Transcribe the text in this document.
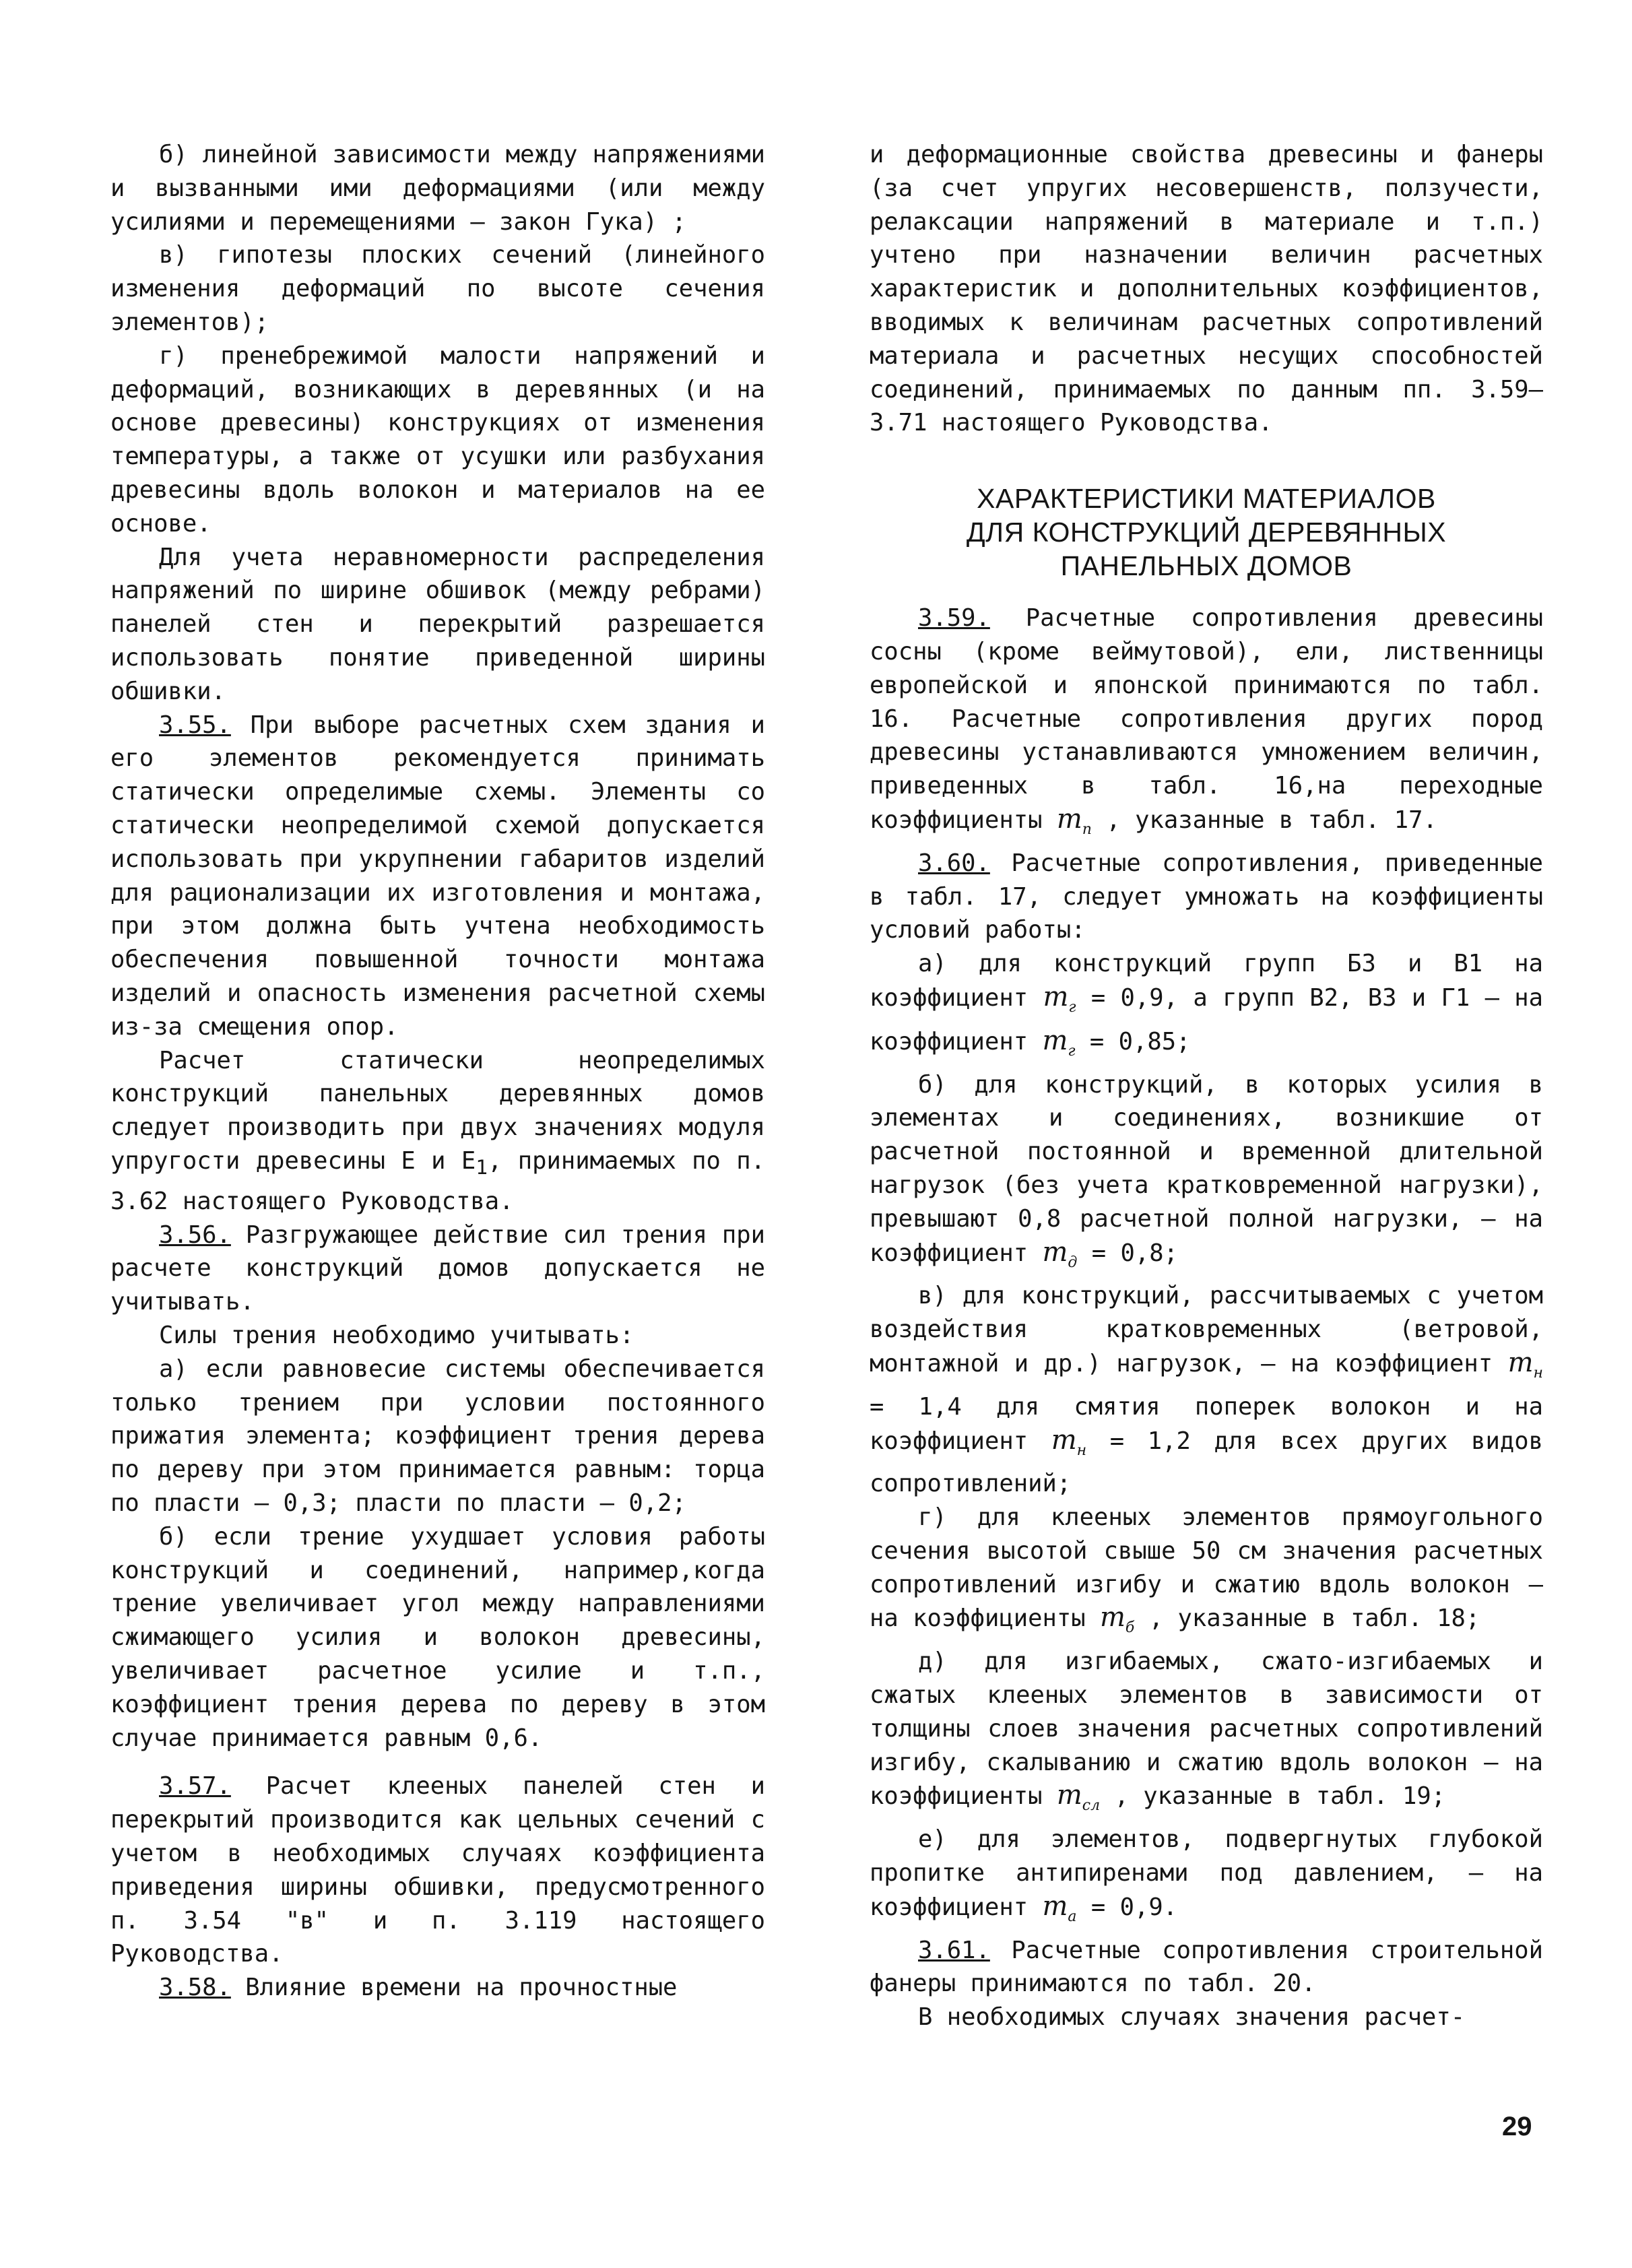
б) линейной зависимости между напряжениями и вызванными ими деформациями (или между усилиями и перемещениями – закон Гука) ;

в) гипотезы плоских сечений (линейного изменения деформаций по высоте сечения элементов);

г) пренебрежимой малости напряжений и деформаций, возникающих в деревянных (и на основе древесины) конструкциях от изменения температуры, а также от усушки или разбухания древесины вдоль волокон и материалов на ее основе.

Для учета неравномерности распределения напряжений по ширине обшивок (между ребрами) панелей стен и перекрытий разрешается использовать понятие приведенной ширины обшивки.

3.55. При выборе расчетных схем здания и его элементов рекомендуется принимать статически определимые схемы. Элементы со статически неопределимой схемой допускается использовать при укрупнении габаритов изделий для рационализации их изготовления и монтажа, при этом должна быть учтена необходимость обеспечения повышенной точности монтажа изделий и опасность изменения расчетной схемы из-за смещения опор.

Расчет статически неопределимых конструкций панельных деревянных домов следует производить при двух значениях модуля упругости древесины E и $E_1$, принимаемых по п. 3.62 настоящего Руководства.

3.56. Разгружающее действие сил трения при расчете конструкций домов допускается не учитывать.

Силы трения необходимо учитывать:

а) если равновесие системы обеспечивается только трением при условии постоянного прижатия элемента; коэффициент трения дерева по дереву при этом принимается равным: торца по пласти – 0,3; пласти по пласти – 0,2;

б) если трение ухудшает условия работы конструкций и соединений, например,когда трение увеличивает угол между направлениями сжимающего усилия и волокон древесины, увеличивает расчетное усилие и т.п., коэффициент трения дерева по дереву в этом случае принимается равным 0,6.

3.57. Расчет клееных панелей стен и перекрытий производится как цельных сечений с учетом в необходимых случаях коэффициента приведения ширины обшивки, предусмотренного п. 3.54 "в" и п. 3.119 настоящего Руководства.

3.58. Влияние времени на прочностные

и деформационные свойства древесины и фанеры (за счет упругих несовершенств, ползучести, релаксации напряжений в материале и т.п.) учтено при назначении величин расчетных характеристик и дополнительных коэффициентов, вводимых к величинам расчетных сопротивлений материала и расчетных несущих способностей соединений, принимаемых по данным пп. 3.59–3.71 настоящего Руководства.

ХАРАКТЕРИСТИКИ МАТЕРИАЛОВ
ДЛЯ КОНСТРУКЦИЙ ДЕРЕВЯННЫХ
ПАНЕЛЬНЫХ ДОМОВ

3.59. Расчетные сопротивления древесины сосны (кроме веймутовой), ели, лиственницы европейской и японской принимаются по табл. 16. Расчетные сопротивления других пород древесины устанавливаются умножением величин, приведенных в табл. 16,на переходные коэффициенты $m_п$ , указанные в табл. 17.

3.60. Расчетные сопротивления, приведенные в табл. 17, следует умножать на коэффициенты условий работы:

а) для конструкций групп Б3 и В1 на коэффициент $m_г = 0,9$, а групп В2, В3 и Г1 – на коэффициент $m_г = 0,85$;

б) для конструкций, в которых усилия в элементах и соединениях, возникшие от расчетной постоянной и временной длительной нагрузок (без учета кратковременной нагрузки), превышают 0,8 расчетной полной нагрузки, – на коэффициент $m_д = 0,8$;

в) для конструкций, рассчитываемых с учетом воздействия кратковременных (ветровой, монтажной и др.) нагрузок, – на коэффициент $m_н = 1,4$ для смятия поперек волокон и на коэффициент $m_н = 1,2$ для всех других видов сопротивлений;

г) для клееных элементов прямоугольного сечения высотой свыше 50 см значения расчетных сопротивлений изгибу и сжатию вдоль волокон – на коэффициенты $m_б$ , указанные в табл. 18;

д) для изгибаемых, сжато-изгибаемых и сжатых клееных элементов в зависимости от толщины слоев значения расчетных сопротивлений изгибу, скалыванию и сжатию вдоль волокон – на коэффициенты $m_{сл}$ , указанные в табл. 19;

е) для элементов, подвергнутых глубокой пропитке антипиренами под давлением, – на коэффициент $m_а = 0,9$.

3.61. Расчетные сопротивления строительной фанеры принимаются по табл. 20.

В необходимых случаях значения расчет-

29
